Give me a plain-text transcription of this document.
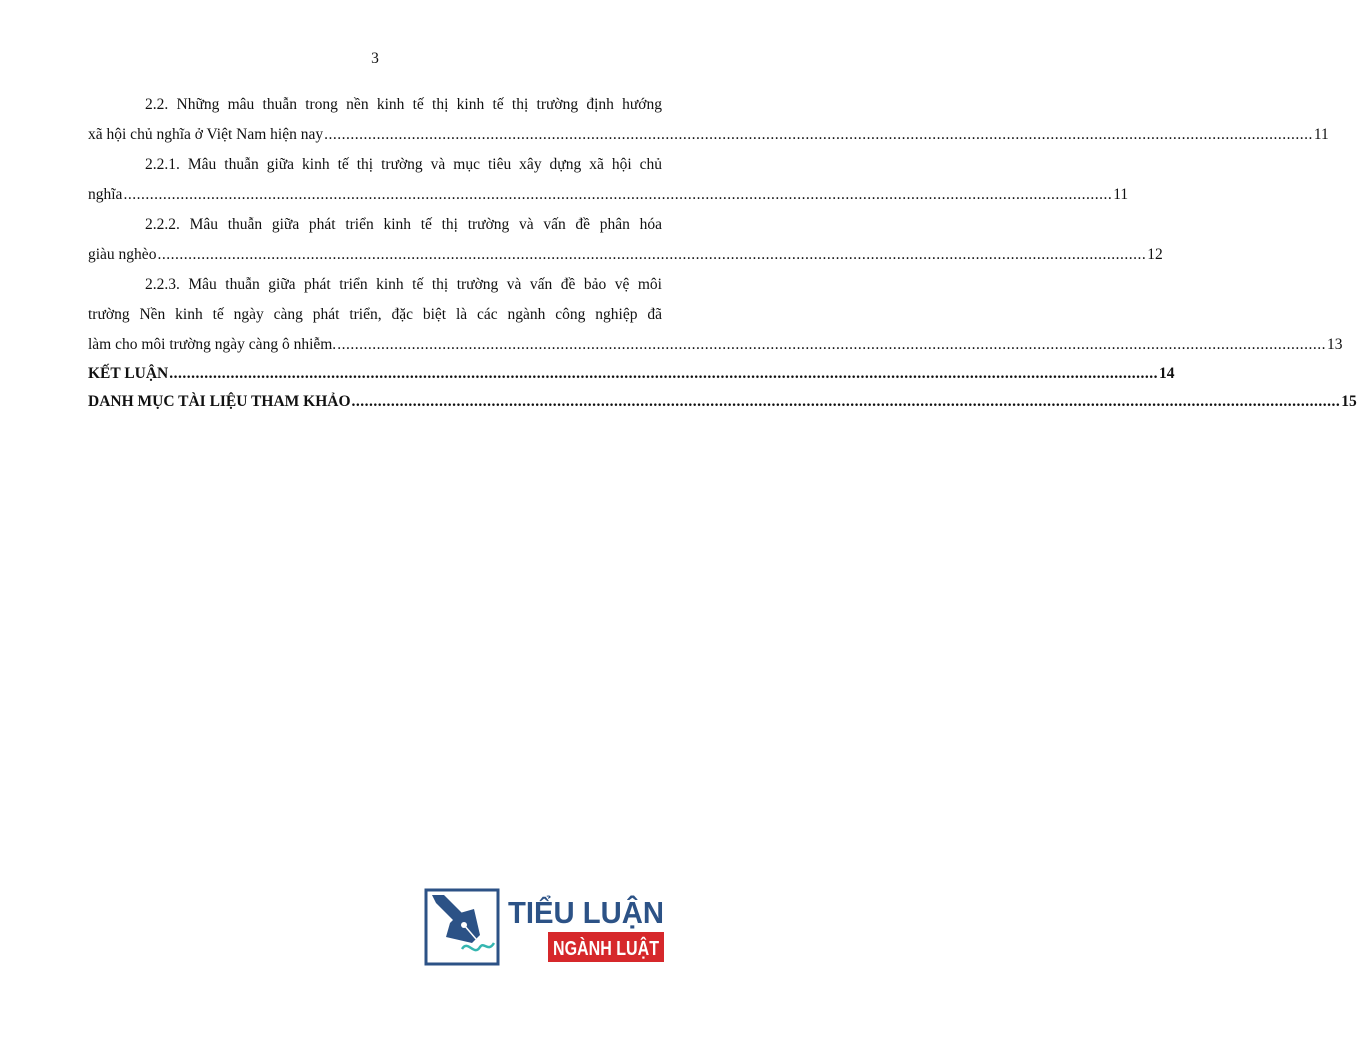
3
2.2. Những mâu thuẫn trong nền kinh tế thị kinh tế thị trường định hướng
xã hội chủ nghĩa ở Việt Nam hiện nay .....	11
2.2.1. Mâu thuẫn giữa kinh tế thị trường và mục tiêu xây dựng xã hội chủ
nghĩa .....	11
2.2.2. Mâu thuẫn giữa phát triển kinh tế thị trường và vấn đề phân hóa
giàu nghèo .....	12
2.2.3. Mâu thuẫn giữa phát triển kinh tế thị trường và vấn đề bảo vệ môi
trường Nền kinh tế ngày càng phát triển, đặc biệt là các ngành công nghiệp đã
làm cho môi trường ngày càng ô nhiễm. .....	13
KẾT LUẬN .....	14
DANH MỤC TÀI LIỆU THAM KHẢO .....	15
TIỂU LUẬN
NGÀNH LUẬT
